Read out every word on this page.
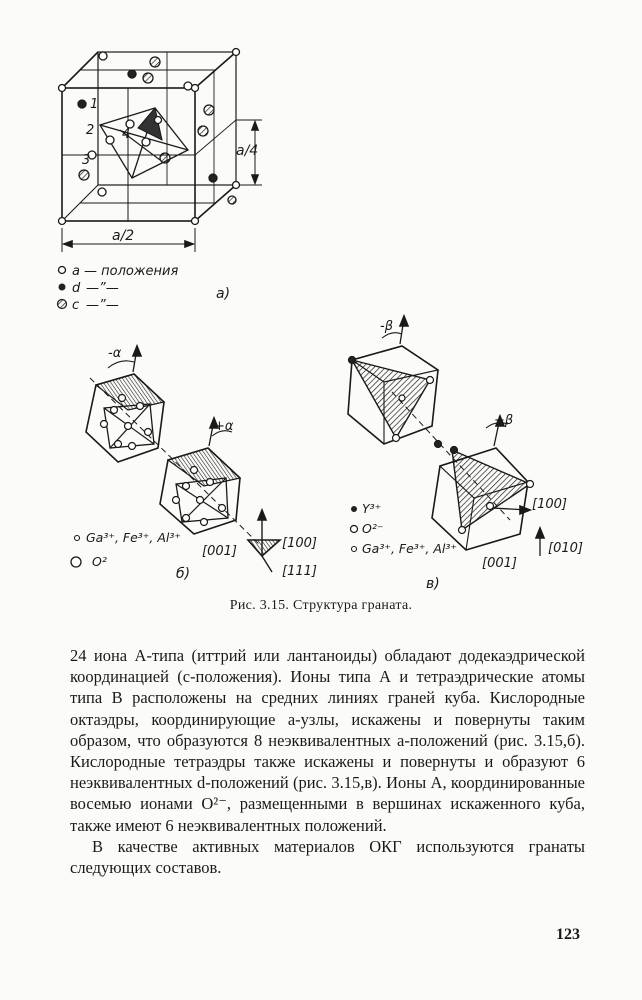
1
2
3
4
a/4
a/2
a — положения
d —”—
c —”—
а)
-α
+α
[001]
[100]
[111]
б)
Ga³⁺, Fe³⁺, Al³⁺
O²
-β
+β
[100]
[010]
[001]
в)
Y³⁺
O²⁻
Ga³⁺, Fe³⁺, Al³⁺
Рис. 3.15. Структура граната.

24 иона А-типа (иттрий или лантаноиды) обладают додекаэдрической координацией (с-положения). Ионы типа А и тетраэдрические атомы типа В расположены на средних линиях граней куба. Кислородные октаэдры, координирующие а-узлы, искажены и повернуты таким образом, что образуются 8 неэквивалентных а-положений (рис. 3.15,б). Кислородные тетраэдры также искажены и повернуты и образуют 6 неэквивалентных d-положений (рис. 3.15,в). Ионы А, координированные восемью ионами O²⁻, размещенными в вершинах искаженного куба, также имеют 6 неэквивалентных положений.

В качестве активных материалов ОКГ используются гранаты следующих составов.

123
